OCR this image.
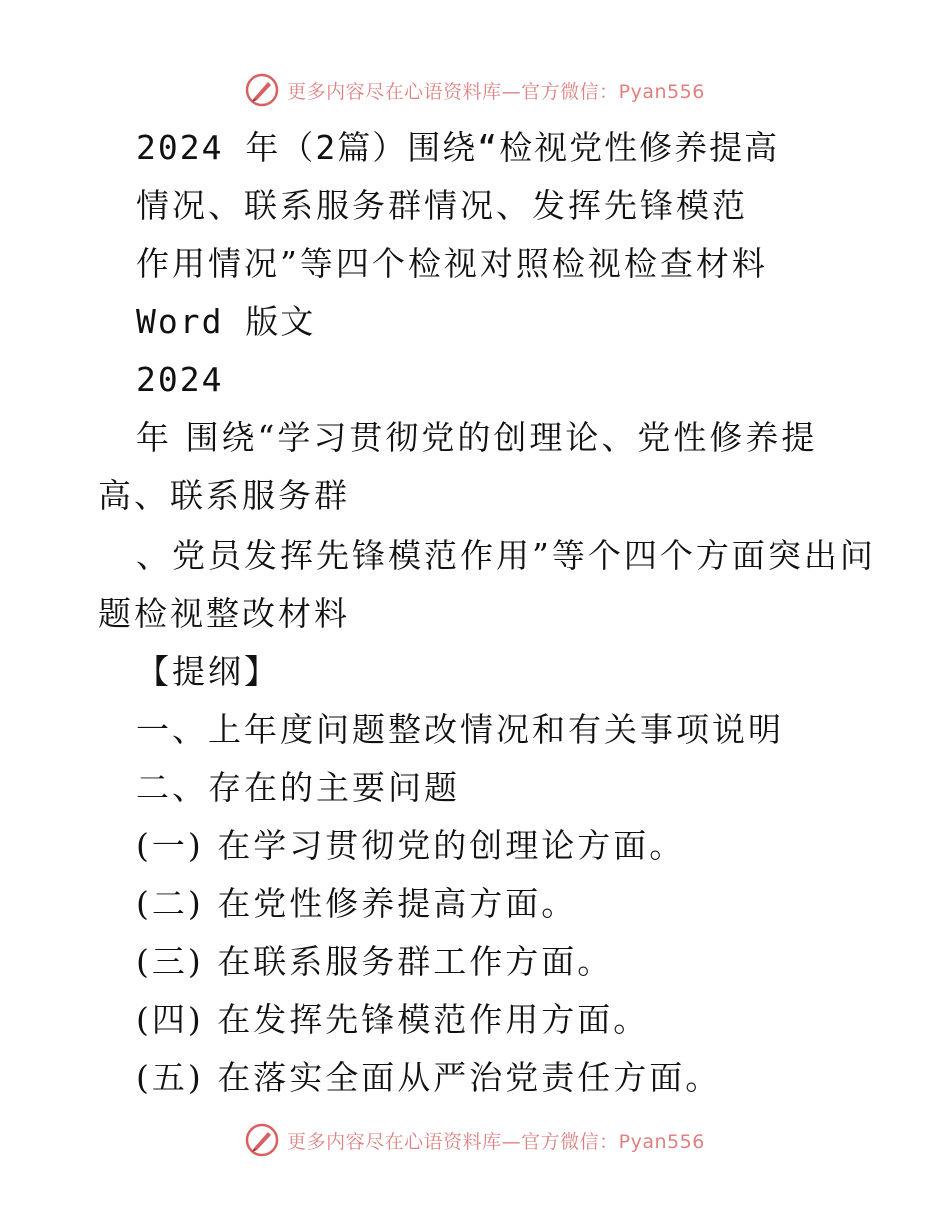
更多内容尽在心语资料库—官方微信：Pyan556
2024 年（2篇）围绕“检视党性修养提高
情况、联系服务群情况、发挥先锋模范
作用情况”等四个检视对照检视检查材料
Word 版文
2024
年 围绕“学习贯彻党的创理论、党性修养提
高、联系服务群
、党员发挥先锋模范作用”等个四个方面突出问
题检视整改材料
【提纲】
一、上年度问题整改情况和有关事项说明
二、存在的主要问题
(一) 在学习贯彻党的创理论方面。
(二) 在党性修养提高方面。
(三) 在联系服务群工作方面。
(四) 在发挥先锋模范作用方面。
(五) 在落实全面从严治党责任方面。
更多内容尽在心语资料库—官方微信：Pyan556
